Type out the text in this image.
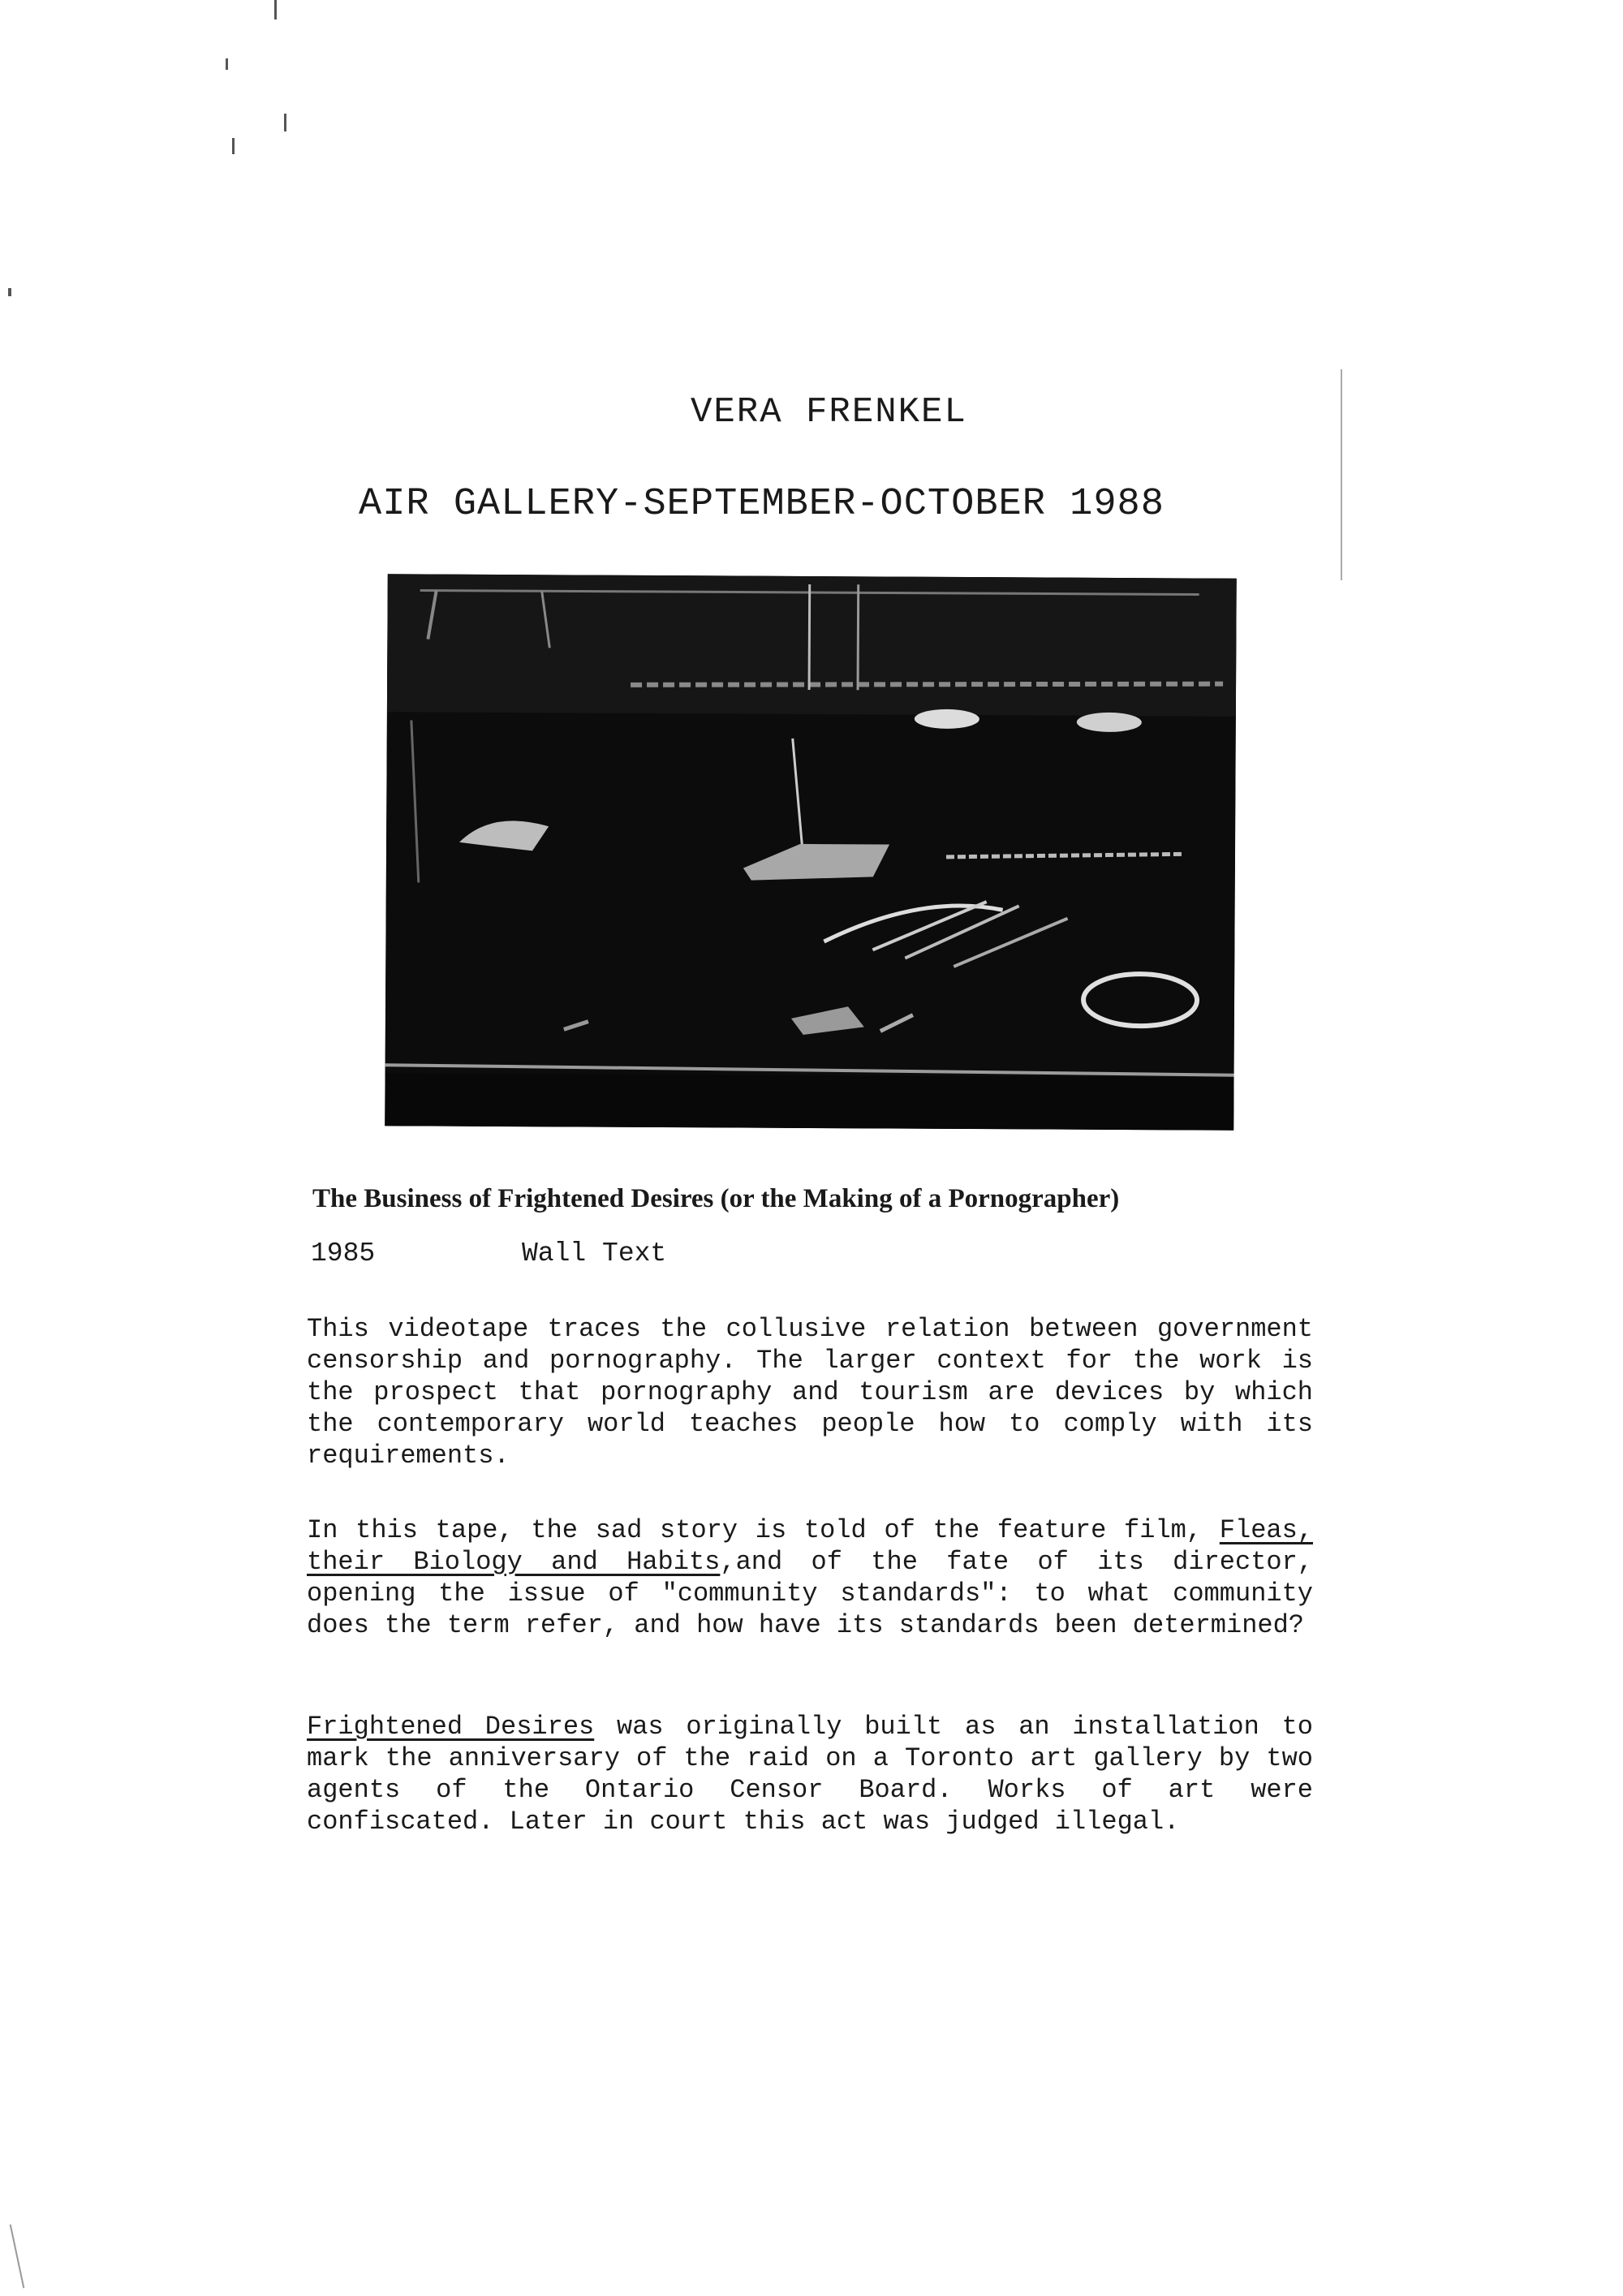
VERA FRENKEL
AIR GALLERY-SEPTEMBER-OCTOBER 1988
The Business of Frightened Desires (or the Making of a Pornographer)
1985	Wall Text
This videotape traces the collusive relation between government censorship and pornography. The larger context for the work is the prospect that pornography and tourism are devices by which the contemporary world teaches people how to comply with its requirements.
In this tape, the sad story is told of the feature film, Fleas, their Biology and Habits,and of the fate of its director, opening the issue of "community standards": to what community does the term refer, and how have its standards been determined?
Frightened Desires was originally built as an installation to mark the anniversary of the raid on a Toronto art gallery by two agents of the Ontario Censor Board. Works of art were confiscated. Later in court this act was judged illegal.
